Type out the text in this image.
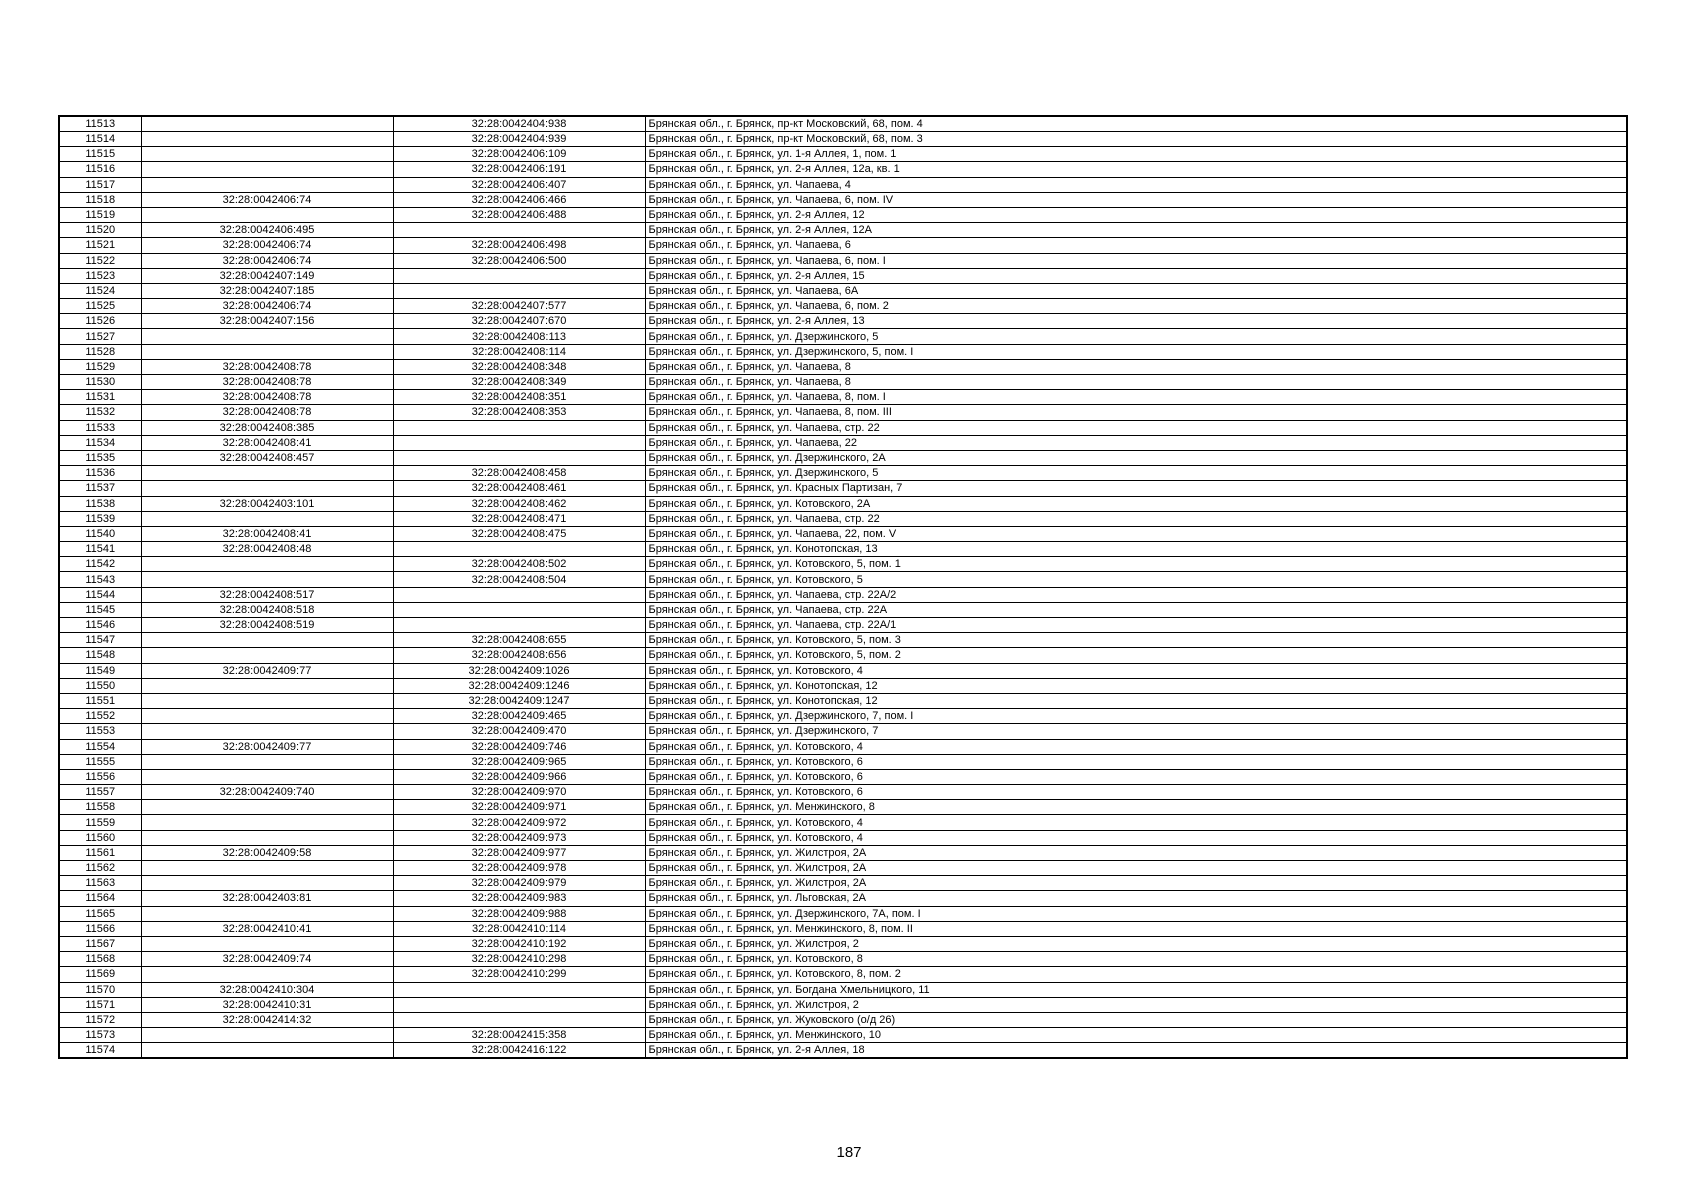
11513		32:28:0042404:938	Брянская обл., г. Брянск, пр-кт Московский, 68, пом. 4
11514		32:28:0042404:939	Брянская обл., г. Брянск, пр-кт Московский, 68, пом. 3
11515		32:28:0042406:109	Брянская обл., г. Брянск, ул. 1-я Аллея, 1, пом. 1
11516		32:28:0042406:191	Брянская обл., г. Брянск, ул. 2-я Аллея, 12а, кв. 1
11517		32:28:0042406:407	Брянская обл., г. Брянск, ул. Чапаева, 4
11518	32:28:0042406:74	32:28:0042406:466	Брянская обл., г. Брянск, ул. Чапаева, 6, пом. IV
11519		32:28:0042406:488	Брянская обл., г. Брянск, ул. 2-я Аллея, 12
11520	32:28:0042406:495		Брянская обл., г. Брянск, ул. 2-я Аллея, 12А
11521	32:28:0042406:74	32:28:0042406:498	Брянская обл., г. Брянск, ул. Чапаева, 6
11522	32:28:0042406:74	32:28:0042406:500	Брянская обл., г. Брянск, ул. Чапаева, 6, пом. I
11523	32:28:0042407:149		Брянская обл., г. Брянск, ул. 2-я Аллея, 15
11524	32:28:0042407:185		Брянская обл., г. Брянск, ул. Чапаева, 6А
11525	32:28:0042406:74	32:28:0042407:577	Брянская обл., г. Брянск, ул. Чапаева, 6, пом. 2
11526	32:28:0042407:156	32:28:0042407:670	Брянская обл., г. Брянск, ул. 2-я Аллея, 13
11527		32:28:0042408:113	Брянская обл., г. Брянск, ул. Дзержинского, 5
11528		32:28:0042408:114	Брянская обл., г. Брянск, ул. Дзержинского, 5, пом. I
11529	32:28:0042408:78	32:28:0042408:348	Брянская обл., г. Брянск, ул. Чапаева, 8
11530	32:28:0042408:78	32:28:0042408:349	Брянская обл., г. Брянск, ул. Чапаева, 8
11531	32:28:0042408:78	32:28:0042408:351	Брянская обл., г. Брянск, ул. Чапаева, 8, пом. I
11532	32:28:0042408:78	32:28:0042408:353	Брянская обл., г. Брянск, ул. Чапаева, 8, пом. III
11533	32:28:0042408:385		Брянская обл., г. Брянск, ул. Чапаева, стр. 22
11534	32:28:0042408:41		Брянская обл., г. Брянск, ул. Чапаева, 22
11535	32:28:0042408:457		Брянская обл., г. Брянск, ул. Дзержинского, 2А
11536		32:28:0042408:458	Брянская обл., г. Брянск, ул. Дзержинского, 5
11537		32:28:0042408:461	Брянская обл., г. Брянск, ул. Красных Партизан, 7
11538	32:28:0042403:101	32:28:0042408:462	Брянская обл., г. Брянск, ул. Котовского, 2А
11539		32:28:0042408:471	Брянская обл., г. Брянск, ул. Чапаева, стр. 22
11540	32:28:0042408:41	32:28:0042408:475	Брянская обл., г. Брянск, ул. Чапаева, 22, пом. V
11541	32:28:0042408:48		Брянская обл., г. Брянск, ул. Конотопская, 13
11542		32:28:0042408:502	Брянская обл., г. Брянск, ул. Котовского, 5, пом. 1
11543		32:28:0042408:504	Брянская обл., г. Брянск, ул. Котовского, 5
11544	32:28:0042408:517		Брянская обл., г. Брянск, ул. Чапаева, стр. 22А/2
11545	32:28:0042408:518		Брянская обл., г. Брянск, ул. Чапаева, стр. 22А
11546	32:28:0042408:519		Брянская обл., г. Брянск, ул. Чапаева, стр. 22А/1
11547		32:28:0042408:655	Брянская обл., г. Брянск, ул. Котовского, 5, пом. 3
11548		32:28:0042408:656	Брянская обл., г. Брянск, ул. Котовского, 5, пом. 2
11549	32:28:0042409:77	32:28:0042409:1026	Брянская обл., г. Брянск, ул. Котовского, 4
11550		32:28:0042409:1246	Брянская обл., г. Брянск, ул. Конотопская, 12
11551		32:28:0042409:1247	Брянская обл., г. Брянск, ул. Конотопская, 12
11552		32:28:0042409:465	Брянская обл., г. Брянск, ул. Дзержинского, 7, пом. I
11553		32:28:0042409:470	Брянская обл., г. Брянск, ул. Дзержинского, 7
11554	32:28:0042409:77	32:28:0042409:746	Брянская обл., г. Брянск, ул. Котовского, 4
11555		32:28:0042409:965	Брянская обл., г. Брянск, ул. Котовского, 6
11556		32:28:0042409:966	Брянская обл., г. Брянск, ул. Котовского, 6
11557	32:28:0042409:740	32:28:0042409:970	Брянская обл., г. Брянск, ул. Котовского, 6
11558		32:28:0042409:971	Брянская обл., г. Брянск, ул. Менжинского, 8
11559		32:28:0042409:972	Брянская обл., г. Брянск, ул. Котовского, 4
11560		32:28:0042409:973	Брянская обл., г. Брянск, ул. Котовского, 4
11561	32:28:0042409:58	32:28:0042409:977	Брянская обл., г. Брянск, ул. Жилстроя, 2А
11562		32:28:0042409:978	Брянская обл., г. Брянск, ул. Жилстроя, 2А
11563		32:28:0042409:979	Брянская обл., г. Брянск, ул. Жилстроя, 2А
11564	32:28:0042403:81	32:28:0042409:983	Брянская обл., г. Брянск, ул. Льговская, 2А
11565		32:28:0042409:988	Брянская обл., г. Брянск, ул. Дзержинского, 7А, пом. I
11566	32:28:0042410:41	32:28:0042410:114	Брянская обл., г. Брянск, ул. Менжинского, 8, пом. II
11567		32:28:0042410:192	Брянская обл., г. Брянск, ул. Жилстроя, 2
11568	32:28:0042409:74	32:28:0042410:298	Брянская обл., г. Брянск, ул. Котовского, 8
11569		32:28:0042410:299	Брянская обл., г. Брянск, ул. Котовского, 8, пом. 2
11570	32:28:0042410:304		Брянская обл., г. Брянск, ул. Богдана Хмельницкого, 11
11571	32:28:0042410:31		Брянская обл., г. Брянск, ул. Жилстроя, 2
11572	32:28:0042414:32		Брянская обл., г. Брянск, ул. Жуковского (о/д 26)
11573		32:28:0042415:358	Брянская обл., г. Брянск, ул. Менжинского, 10
11574		32:28:0042416:122	Брянская обл., г. Брянск, ул. 2-я Аллея, 18
187
